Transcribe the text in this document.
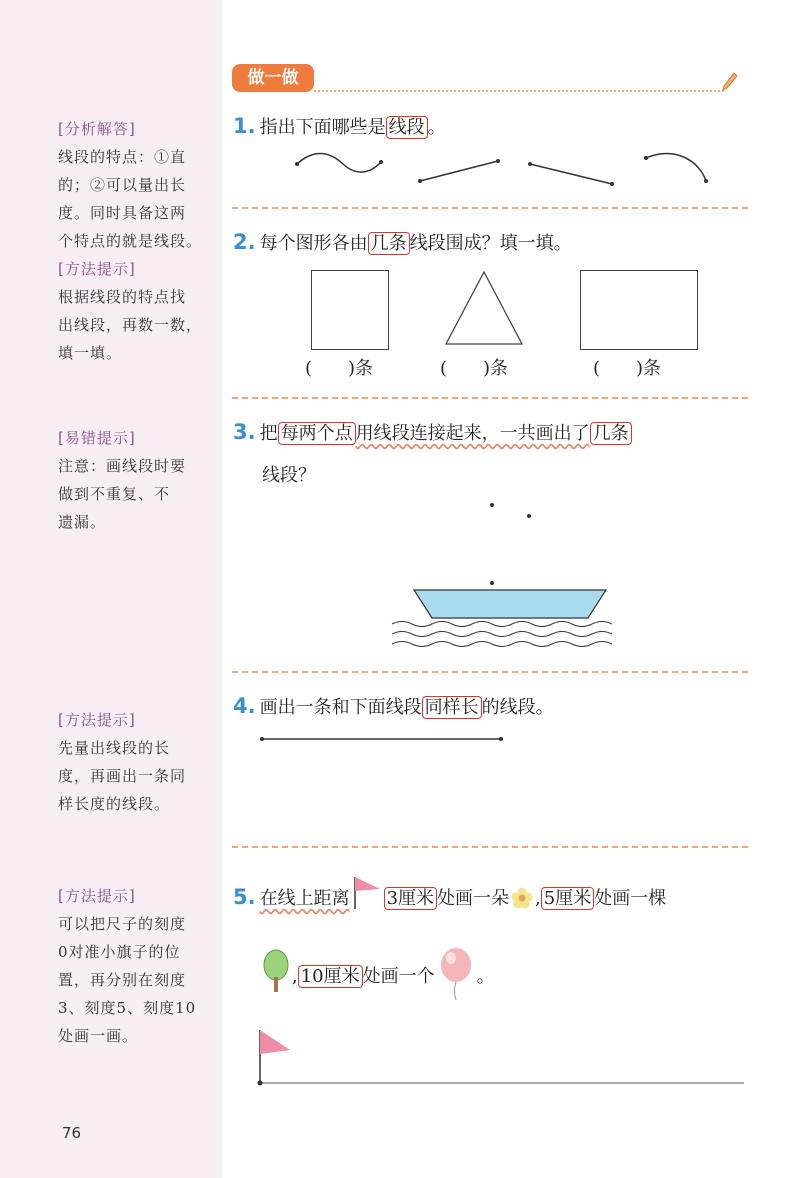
[分析解答]
线段的特点：①直
的；②可以量出长
度。同时具备这两
个特点的就是线段。
[方法提示]
根据线段的特点找
出线段，再数一数，
填一填。
[易错提示]
注意：画线段时要
做到不重复、不
遗漏。
[方法提示]
先量出线段的长
度，再画出一条同
样长度的线段。
[方法提示]
可以把尺子的刻度
0对准小旗子的位
置，再分别在刻度
3、刻度5、刻度10
处画一画。
76
做一做
1. 指出下面哪些是 线段 。
2. 每个图形各由 几条 线段围成？填一填。
(　　)条	(　　)条	(　　)条
3. 把 每两个点 用线段连接起来，一共画出了 几条
线段？
4. 画出一条和下面线段 同样长 的线段。
5. 在线上距离 3厘米 处画一朵 , 5厘米 处画一棵
, 10厘米 处画一个 。
